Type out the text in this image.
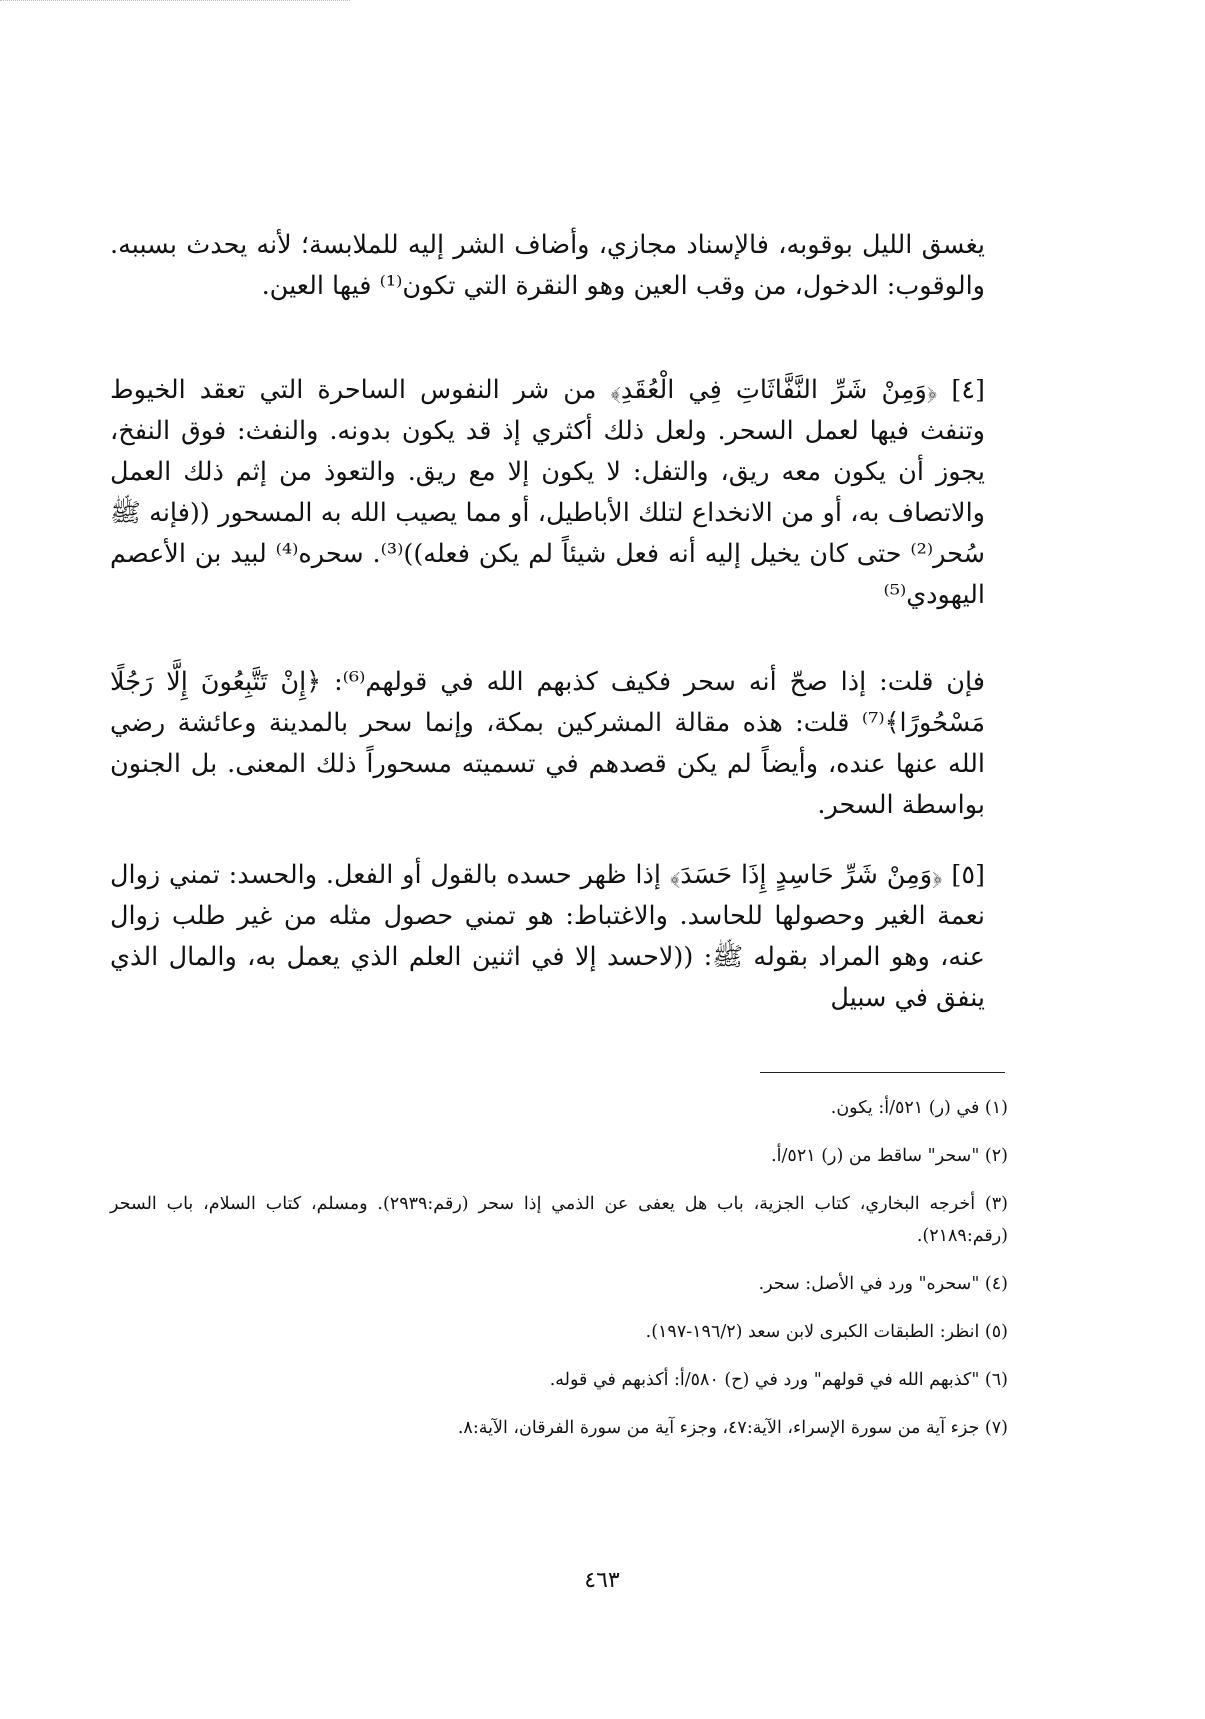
يغسق الليل بوقوبه، فالإسناد مجازي، وأضاف الشر إليه للملابسة؛ لأنه يحدث بسببه. والوقوب: الدخول، من وقب العين وهو النقرة التي تكون⁽¹⁾ فيها العين.

[٤] ﴿وَمِنْ شَرِّ النَّفَّاثَاتِ فِي الْعُقَدِ﴾ من شر النفوس الساحرة التي تعقد الخيوط وتنفث فيها لعمل السحر. ولعل ذلك أكثري إذ قد يكون بدونه. والنفث: فوق النفخ، يجوز أن يكون معه ريق، والتفل: لا يكون إلا مع ريق. والتعوذ من إثم ذلك العمل والاتصاف به، أو من الانخداع لتلك الأباطيل، أو مما يصيب الله به المسحور ((فإنه ﷺ سُحر⁽²⁾ حتى كان يخيل إليه أنه فعل شيئاً لم يكن فعله))⁽³⁾. سحره⁽⁴⁾ لبيد بن الأعصم اليهودي⁽⁵⁾

فإن قلت: إذا صحّ أنه سحر فكيف كذبهم الله في قولهم⁽⁶⁾: ﴿إِنْ تَتَّبِعُونَ إِلَّا رَجُلًا مَسْحُورًا﴾⁽⁷⁾ قلت: هذه مقالة المشركين بمكة، وإنما سحر بالمدينة وعائشة رضي الله عنها عنده، وأيضاً لم يكن قصدهم في تسميته مسحوراً ذلك المعنى. بل الجنون بواسطة السحر.

[٥] ﴿وَمِنْ شَرِّ حَاسِدٍ إِذَا حَسَدَ﴾ إذا ظهر حسده بالقول أو الفعل. والحسد: تمني زوال نعمة الغير وحصولها للحاسد. والاغتباط: هو تمني حصول مثله من غير طلب زوال عنه، وهو المراد بقوله ﷺ: ((لاحسد إلا في اثنين العلم الذي يعمل به، والمال الذي ينفق في سبيل

(١) في (ر) ٥٢١/أ: يكون.

(٢) "سحر" ساقط من (ر) ٥٢١/أ.

(٣) أخرجه البخاري، كتاب الجزية، باب هل يعفى عن الذمي إذا سحر (رقم:٢٩٣٩). ومسلم، كتاب السلام، باب السحر (رقم:٢١٨٩).

(٤) "سحره" ورد في الأصل: سحر.

(٥) انظر: الطبقات الكبرى لابن سعد (١٩٦/٢-١٩٧).

(٦) "كذبهم الله في قولهم" ورد في (ح) ٥٨٠/أ: أكذبهم في قوله.

(٧) جزء آية من سورة الإسراء، الآية:٤٧، وجزء آية من سورة الفرقان، الآية:٨.

٤٦٣
